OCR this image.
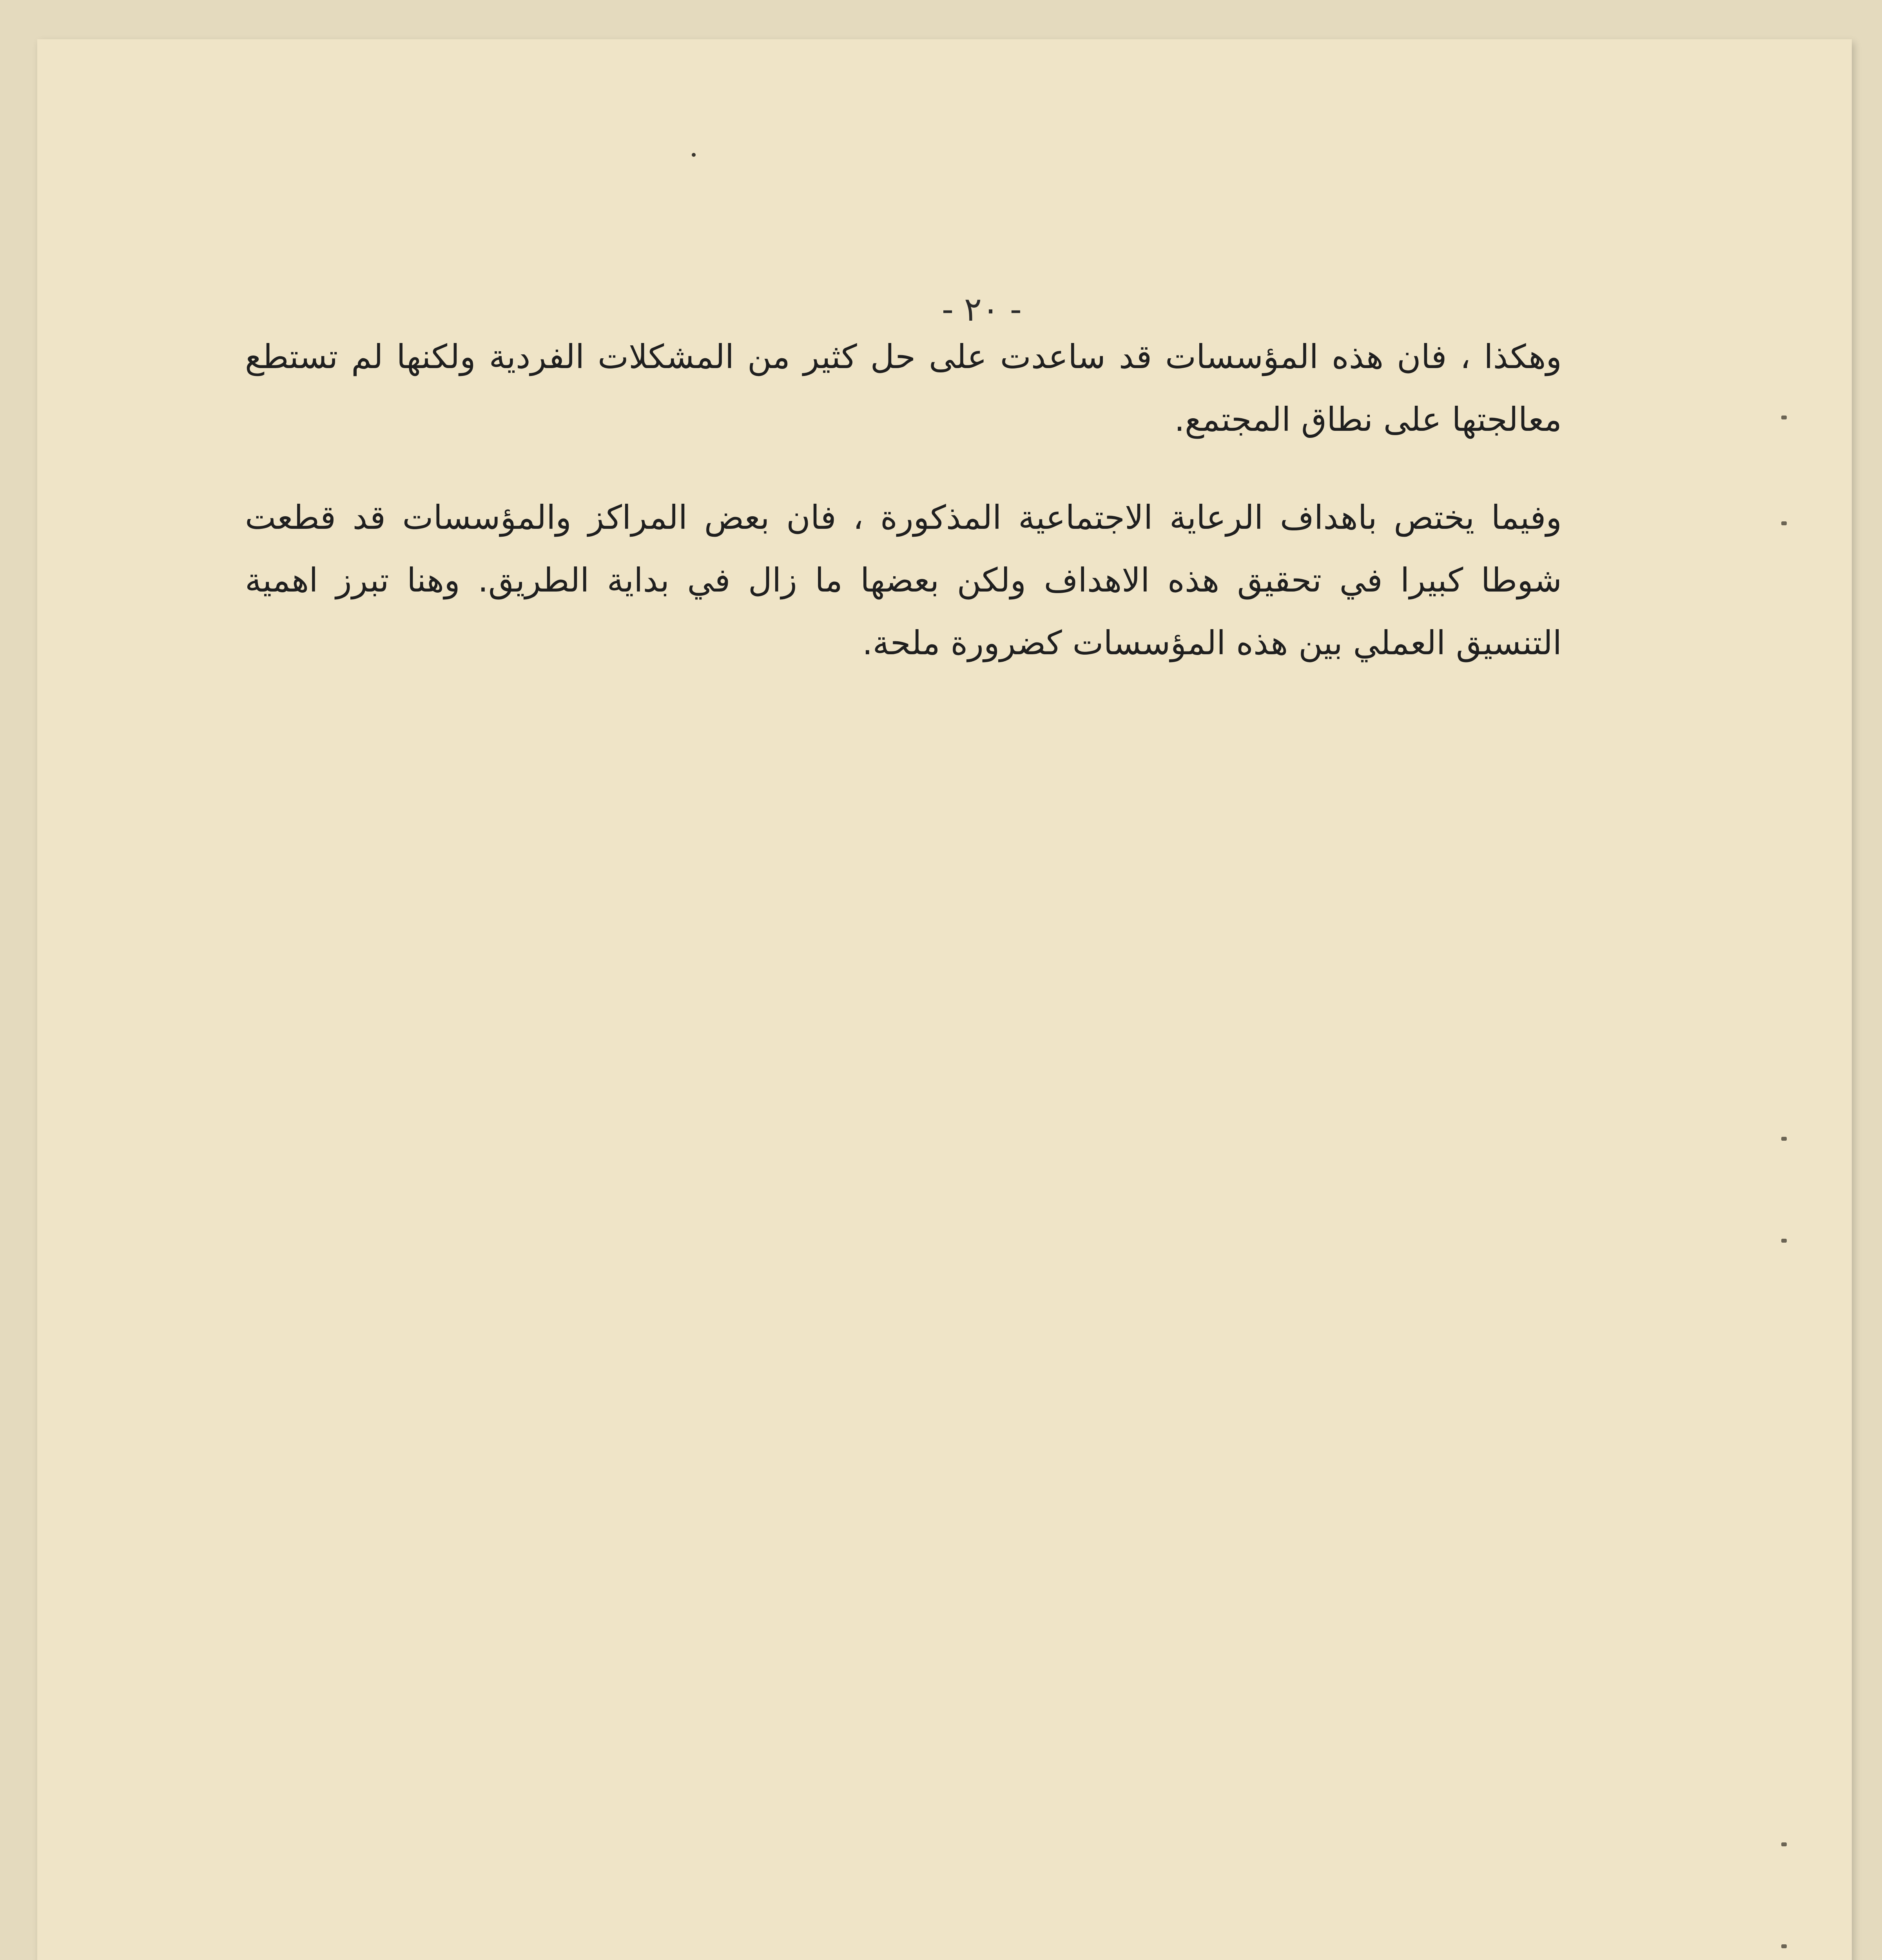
- ٢٠ -

وهكذا ، فان هذه المؤسسات قد ساعدت على حل كثير من المشكلات الفردية ولكنها لم تستطع معالجتها على نطاق المجتمع.

وفيما يختص باهداف الرعاية الاجتماعية المذكورة ، فان بعض المراكز والمؤسسات قد قطعت شوطا كبيرا في تحقيق هذه الاهداف ولكن بعضها ما زال في بداية الطريق. وهنا تبرز اهمية التنسيق العملي بين هذه المؤسسات كضرورة ملحة.
